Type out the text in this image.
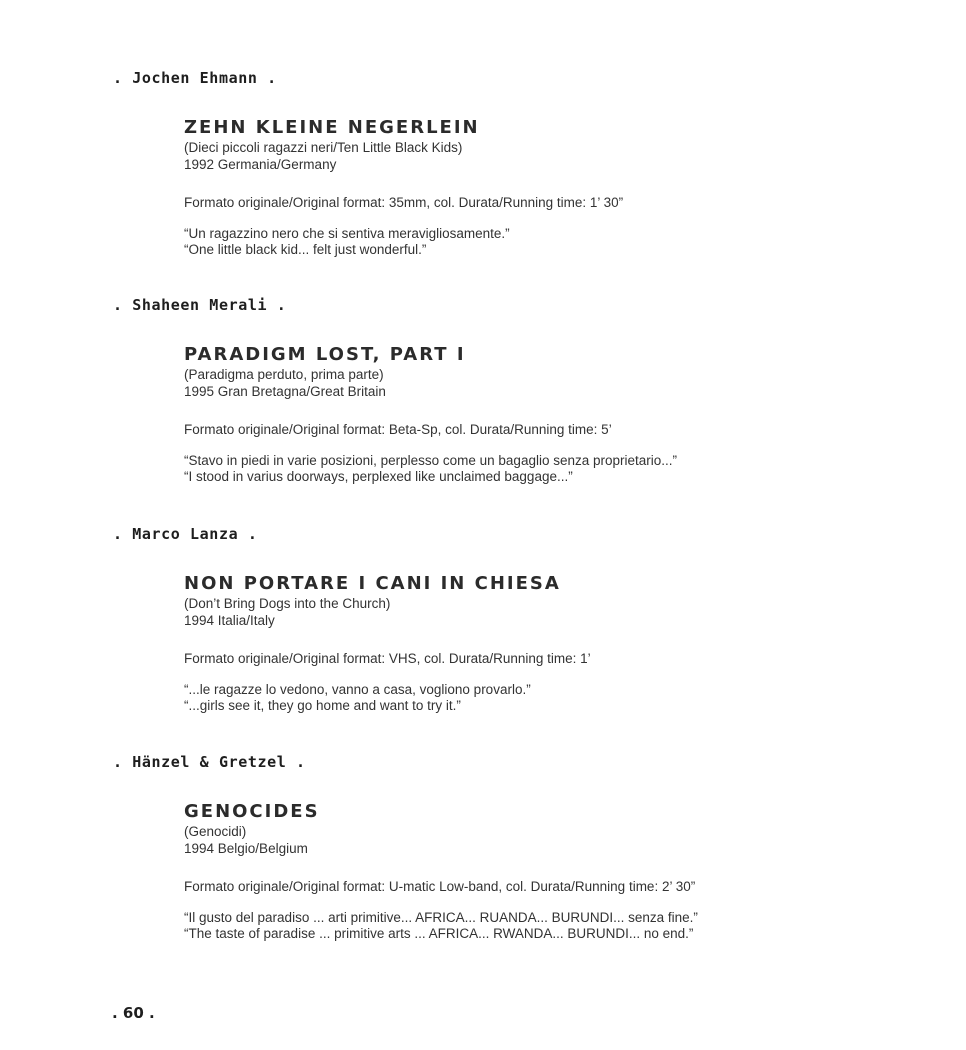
. Jochen Ehmann .
ZEHN KLEINE NEGERLEIN
(Dieci piccoli ragazzi neri/Ten Little Black Kids)
1992 Germania/Germany
Formato originale/Original format: 35mm, col. Durata/Running time: 1’ 30”
“Un ragazzino nero che si sentiva meravigliosamente.”
“One little black kid... felt just wonderful.”
. Shaheen Merali .
PARADIGM LOST, PART I
(Paradigma perduto, prima parte)
1995 Gran Bretagna/Great Britain
Formato originale/Original format: Beta-Sp, col. Durata/Running time: 5’
“Stavo in piedi in varie posizioni, perplesso come un bagaglio senza proprietario...”
“I stood in varius doorways, perplexed like unclaimed baggage...”
. Marco Lanza .
NON PORTARE I CANI IN CHIESA
(Don’t Bring Dogs into the Church)
1994 Italia/Italy
Formato originale/Original format: VHS, col. Durata/Running time: 1’
“...le ragazze lo vedono, vanno a casa, vogliono provarlo.”
“...girls see it, they go home and want to try it.”
. Hänzel & Gretzel .
GENOCIDES
(Genocidi)
1994 Belgio/Belgium
Formato originale/Original format: U-matic Low-band, col. Durata/Running time: 2’ 30”
“Il gusto del paradiso ... arti primitive... AFRICA... RUANDA... BURUNDI... senza fine.”
“The taste of paradise ... primitive arts ... AFRICA... RWANDA... BURUNDI... no end.”
. 60 .
